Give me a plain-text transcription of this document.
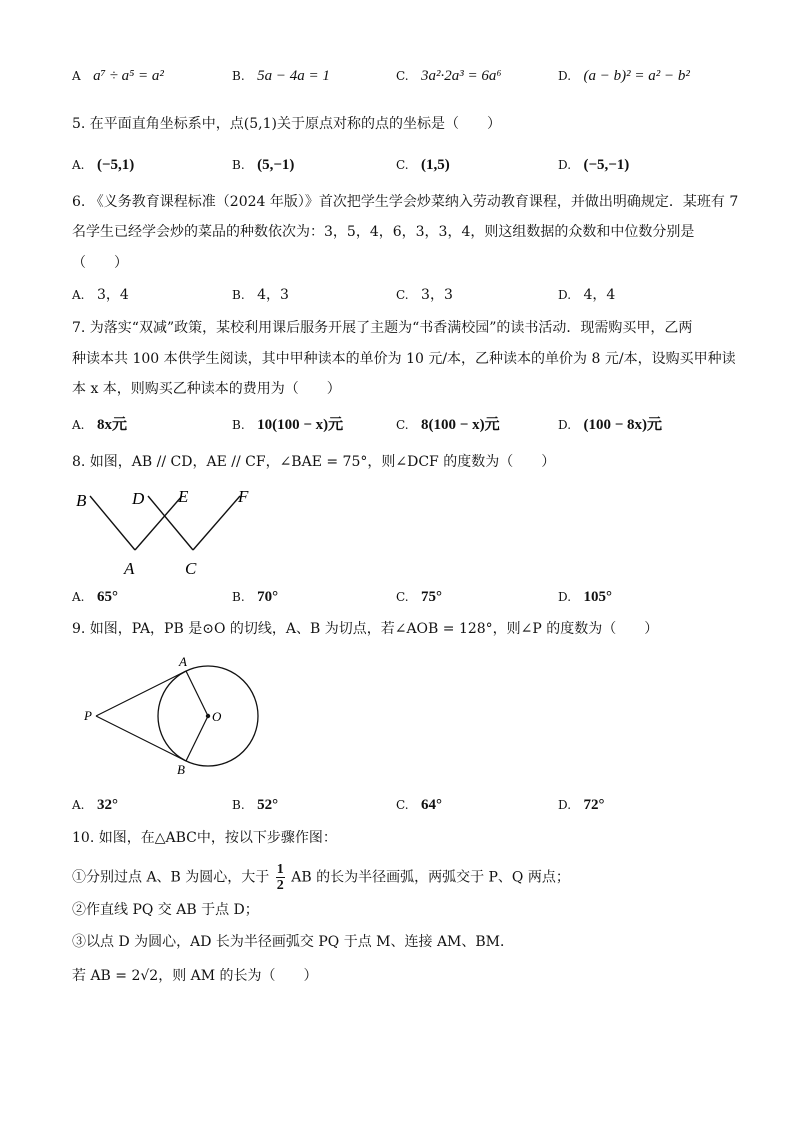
A a⁷ ÷ a⁵ = a²	B. 5a − 4a = 1	C. 3a²·2a³ = 6a⁶	D. (a − b)² = a² − b²
5. 在平面直角坐标系中，点(5,1)关于原点对称的点的坐标是（　　）
A. (−5,1)	B. (5,−1)	C. (1,5)	D. (−5,−1)
6. 《义务教育课程标准（2024 年版）》首次把学生学会炒菜纳入劳动教育课程，并做出明确规定．某班有 7
名学生已经学会炒的菜品的种数依次为：3，5，4，6，3，3，4，则这组数据的众数和中位数分别是
（　　）
A. 3，4	B. 4，3	C. 3，3	D. 4，4
7. 为落实“双减”政策，某校利用课后服务开展了主题为“书香满校园”的读书活动．现需购买甲，乙两
种读本共 100 本供学生阅读，其中甲种读本的单价为 10 元/本，乙种读本的单价为 8 元/本，设购买甲种读
本 x 本，则购买乙种读本的费用为（　　）
A. 8x元	B. 10(100 − x)元	C. 8(100 − x)元	D. (100 − 8x)元
8. 如图，AB // CD，AE // CF，∠BAE = 75°，则∠DCF 的度数为（　　）
B	D E	F
A	C
A. 65°	B. 70°	C. 75°	D. 105°
9. 如图，PA，PB 是⊙O 的切线，A、B 为切点，若∠AOB = 128°，则∠P 的度数为（　　）
A
B
P	O
A. 32°	B. 52°	C. 64°	D. 72°
10. 如图，在△ABC中，按以下步骤作图：
①分别过点 A、B 为圆心，大于 $\frac{1}{2}$ AB 的长为半径画弧，两弧交于 P、Q 两点；
②作直线 PQ 交 AB 于点 D；
③以点 D 为圆心，AD 长为半径画弧交 PQ 于点 M、连接 AM、BM．
若 AB = 2√2，则 AM 的长为（　　）
